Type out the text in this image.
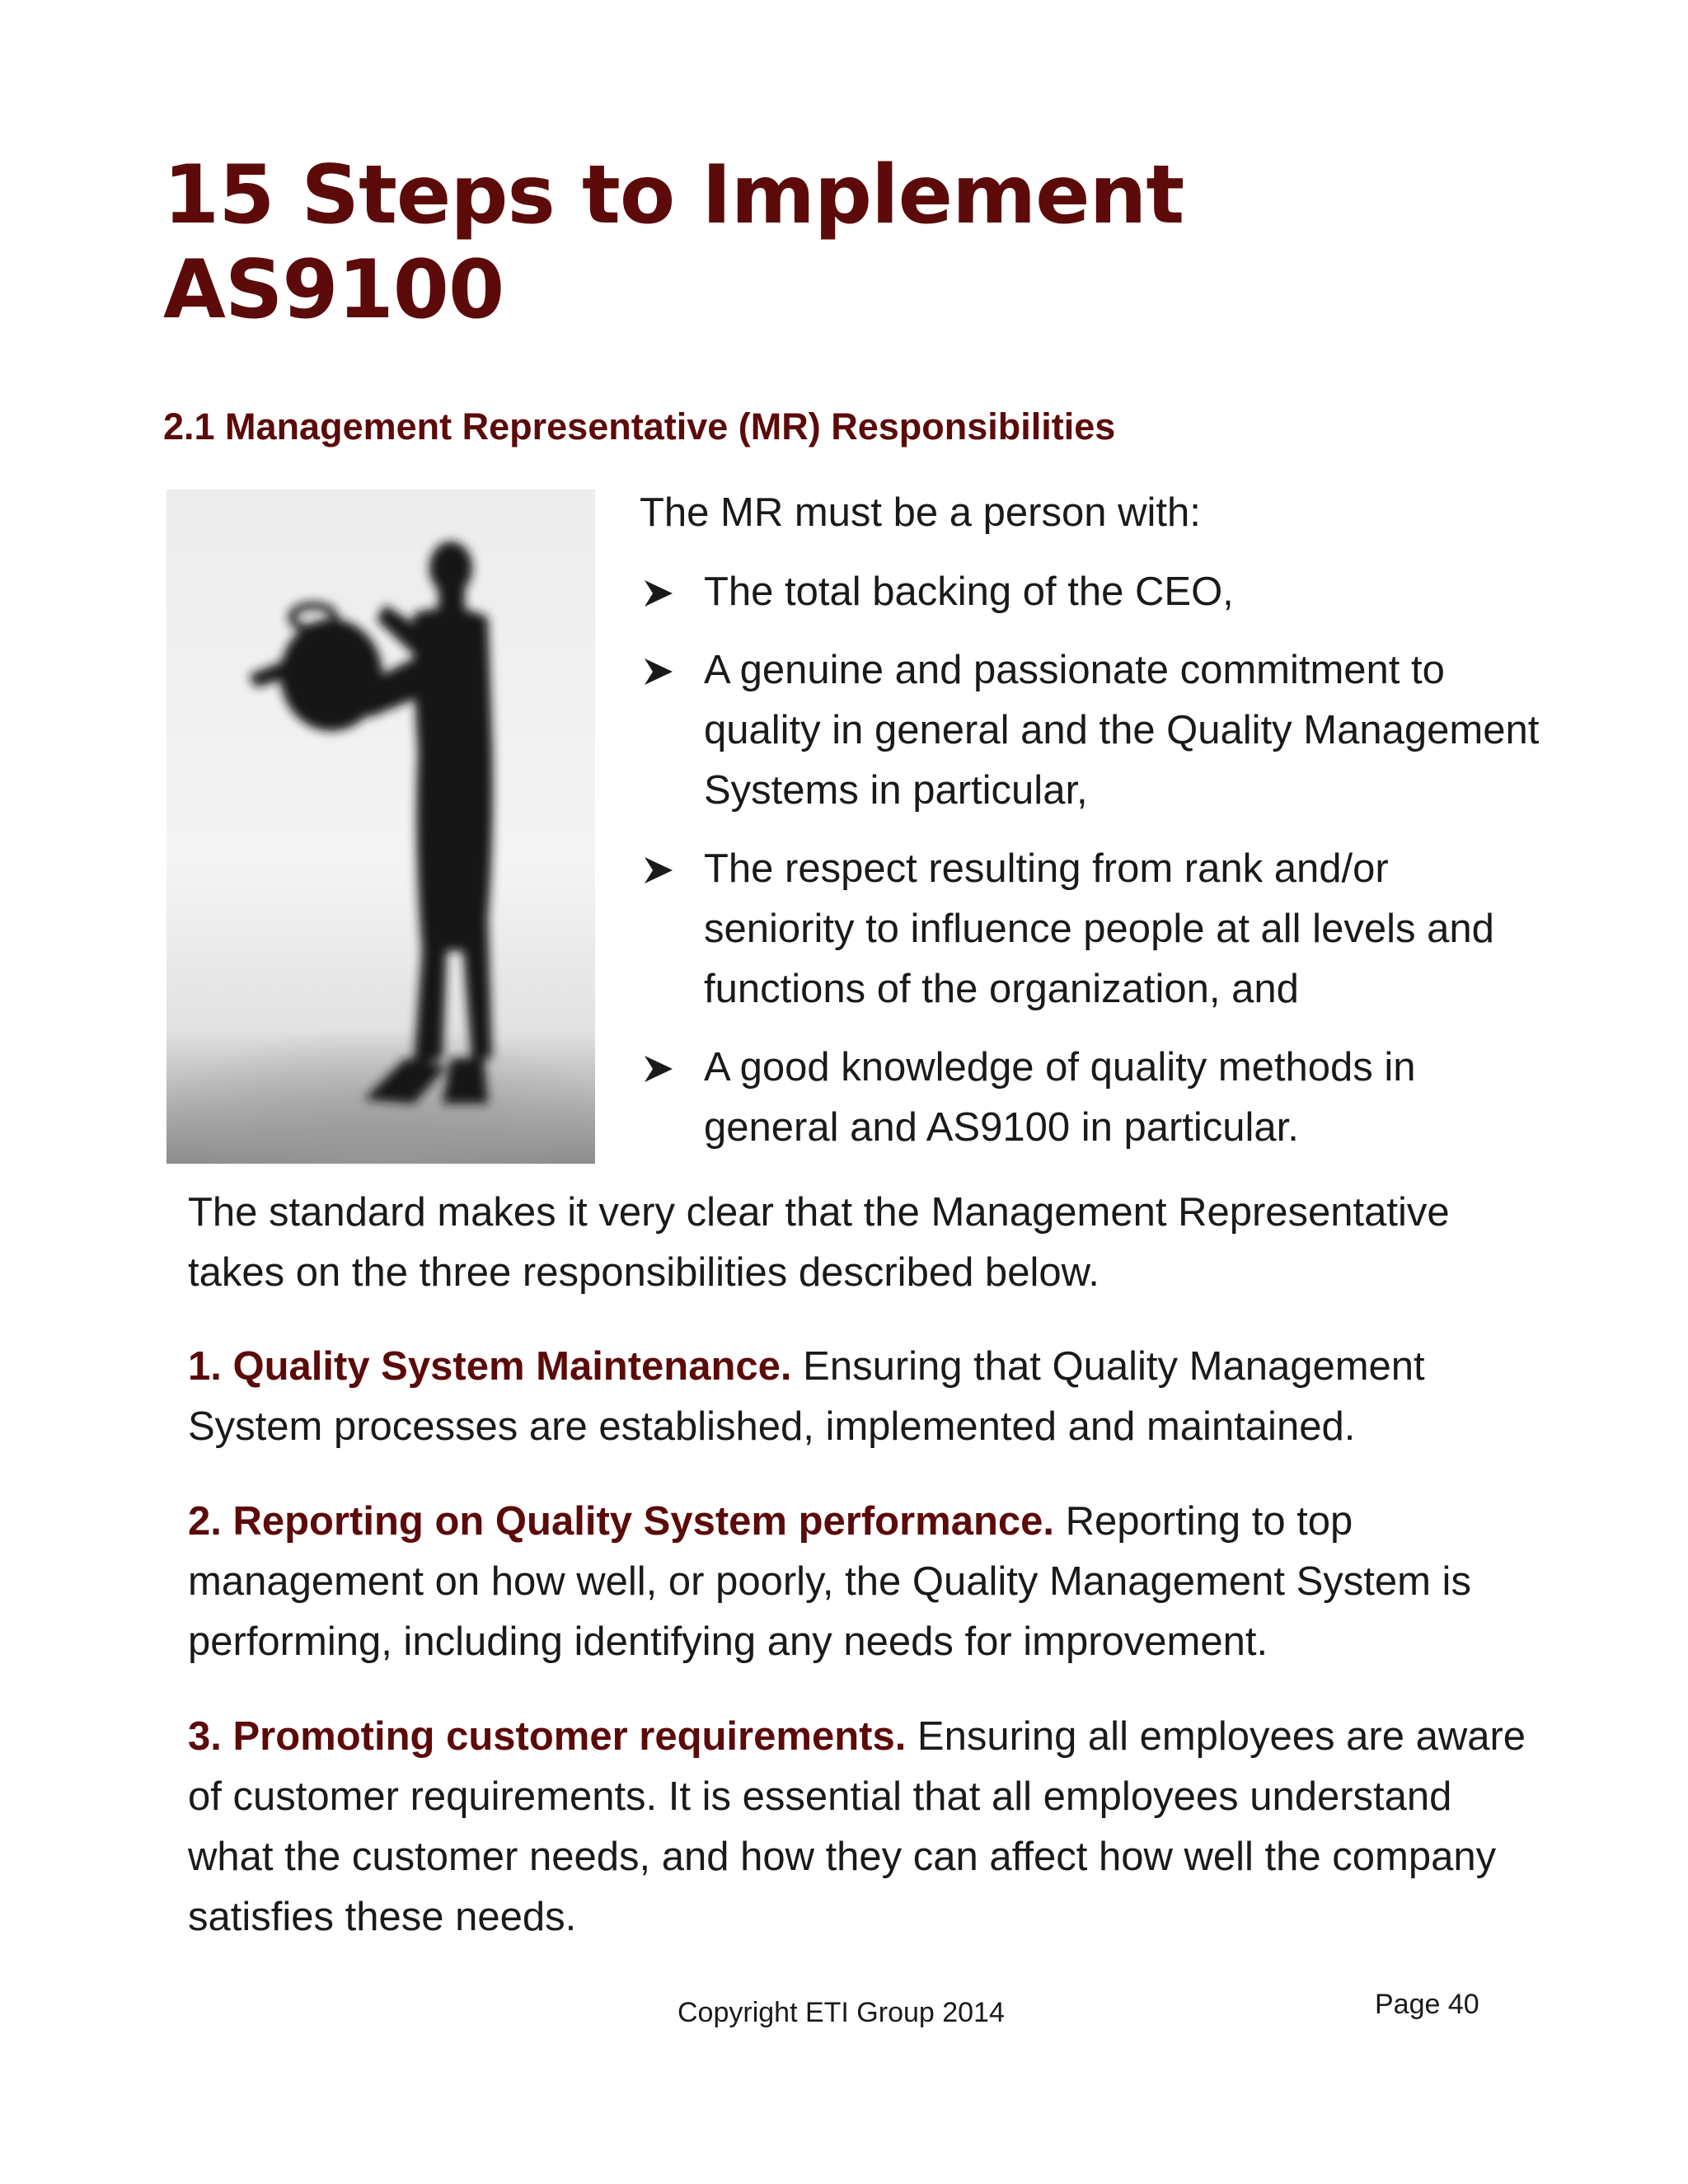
15 Steps to Implement AS9100
2.1 Management Representative (MR) Responsibilities

The MR must be a person with:

The total backing of the CEO,
A genuine and passionate commitment to quality in general and the Quality Management Systems in particular,
The respect resulting from rank and/or seniority to influence people at all levels and functions of the organization, and
A good knowledge of quality methods in general and AS9100 in particular.

The standard makes it very clear that the Management Representative takes on the three responsibilities described below.

1. Quality System Maintenance. Ensuring that Quality Management System processes are established, implemented and maintained.

2. Reporting on Quality System performance. Reporting to top management on how well, or poorly, the Quality Management System is performing, including identifying any needs for improvement.

3. Promoting customer requirements. Ensuring all employees are aware of customer requirements. It is essential that all employees understand what the customer needs, and how they can affect how well the company satisfies these needs.

Copyright ETI Group 2014	Page 40
